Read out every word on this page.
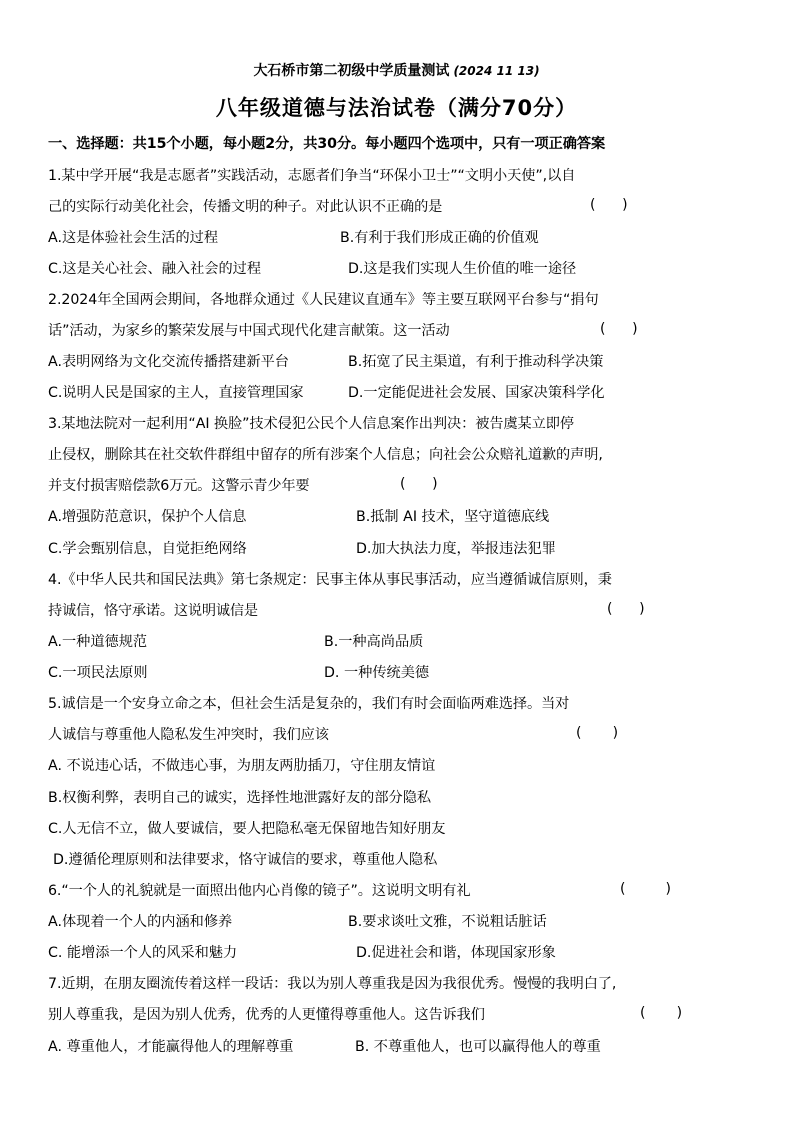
大石桥市第二初级中学质量测试 (2024 11 13)
八年级道德与法治试卷（满分70分）
一、选择题：共15个小题，每小题2分，共30分。每小题四个选项中，只有一项正确答案
1.某中学开展“我是志愿者”实践活动，志愿者们争当“环保小卫士”“文明小天使”,以自
己的实际行动美化社会，传播文明的种子。对此认识不正确的是	(      )
A.这是体验社会生活的过程	B.有利于我们形成正确的价值观
C.这是关心社会、融入社会的过程	D.这是我们实现人生价值的唯一途径
2.2024年全国两会期间，各地群众通过《人民建议直通车》等主要互联网平台参与“捐句
话”活动，为家乡的繁荣发展与中国式现代化建言献策。这一活动	(      )
A.表明网络为文化交流传播搭建新平台	B.拓宽了民主渠道，有利于推动科学决策
C.说明人民是国家的主人，直接管理国家	D.一定能促进社会发展、国家决策科学化
3.某地法院对一起利用“AI 换脸”技术侵犯公民个人信息案作出判决：被告虞某立即停
止侵权，删除其在社交软件群组中留存的所有涉案个人信息；向社会公众赔礼道歉的声明,
并支付损害赔偿款6万元。这警示青少年要	(      )
A.增强防范意识，保护个人信息	B.抵制 AI 技术，坚守道德底线
C.学会甄别信息，自觉拒绝网络	D.加大执法力度，举报违法犯罪
4.《中华人民共和国民法典》第七条规定：民事主体从事民事活动，应当遵循诚信原则，秉
持诚信，恪守承诺。这说明诚信是	(      )
A.一种道德规范	B.一种高尚品质
C.一项民法原则	D. 一种传统美德
5.诚信是一个安身立命之本，但社会生活是复杂的，我们有时会面临两难选择。当对
人诚信与尊重他人隐私发生冲突时，我们应该	(       )
A. 不说违心话，不做违心事，为朋友两肋插刀，守住朋友情谊
B.权衡利弊，表明自己的诚实，选择性地泄露好友的部分隐私
C.人无信不立，做人要诚信，要人把隐私毫无保留地告知好朋友
D.遵循伦理原则和法律要求，恪守诚信的要求，尊重他人隐私
6.“一个人的礼貌就是一面照出他内心肖像的镜子”。这说明文明有礼	(         )
A.体现着一个人的内涵和修养	B.要求谈吐文雅，不说粗话脏话
C. 能增添一个人的风采和魅力	D.促进社会和谐，体现国家形象
7.近期，在朋友圈流传着这样一段话：我以为别人尊重我是因为我很优秀。慢慢的我明白了,
别人尊重我，是因为别人优秀，优秀的人更懂得尊重他人。这告诉我们	(       )
A. 尊重他人，才能赢得他人的理解尊重	B. 不尊重他人，也可以赢得他人的尊重
